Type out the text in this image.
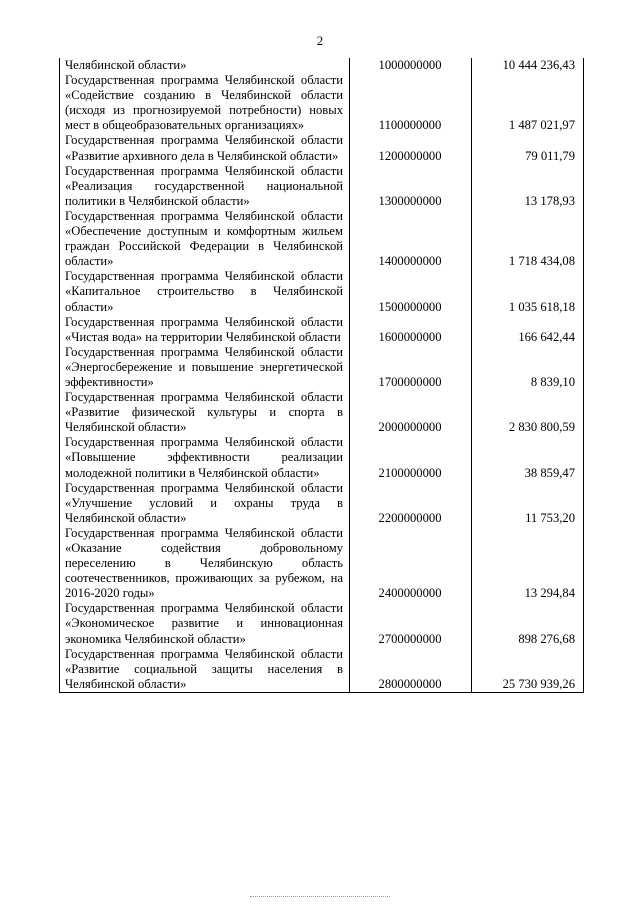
2
Челябинской области»	1000000000	10 444 236,43
Государственная программа Челябинской области «Содействие созданию в Челябинской области (исходя из прогнозируемой потребности) новых мест в общеобразовательных организациях»	1100000000	1 487 021,97
Государственная программа Челябинской области «Развитие архивного дела в Челябинской области»	1200000000	79 011,79
Государственная программа Челябинской области «Реализация государственной национальной политики в Челябинской области»	1300000000	13 178,93
Государственная программа Челябинской области «Обеспечение доступным и комфортным жильем граждан Российской Федерации в Челябинской области»	1400000000	1 718 434,08
Государственная программа Челябинской области «Капитальное строительство в Челябинской области»	1500000000	1 035 618,18
Государственная программа Челябинской области «Чистая вода» на территории Челябинской области	1600000000	166 642,44
Государственная программа Челябинской области «Энергосбережение и повышение энергетической эффективности»	1700000000	8 839,10
Государственная программа Челябинской области «Развитие физической культуры и спорта в Челябинской области»	2000000000	2 830 800,59
Государственная программа Челябинской области «Повышение эффективности реализации молодежной политики в Челябинской области»	2100000000	38 859,47
Государственная программа Челябинской области «Улучшение условий и охраны труда в Челябинской области»	2200000000	11 753,20
Государственная программа Челябинской области «Оказание содействия добровольному переселению в Челябинскую область соотечественников, проживающих за рубежом, на 2016-2020 годы»	2400000000	13 294,84
Государственная программа Челябинской области «Экономическое развитие и инновационная экономика Челябинской области»	2700000000	898 276,68
Государственная программа Челябинской области «Развитие социальной защиты населения в Челябинской области»	2800000000	25 730 939,26
